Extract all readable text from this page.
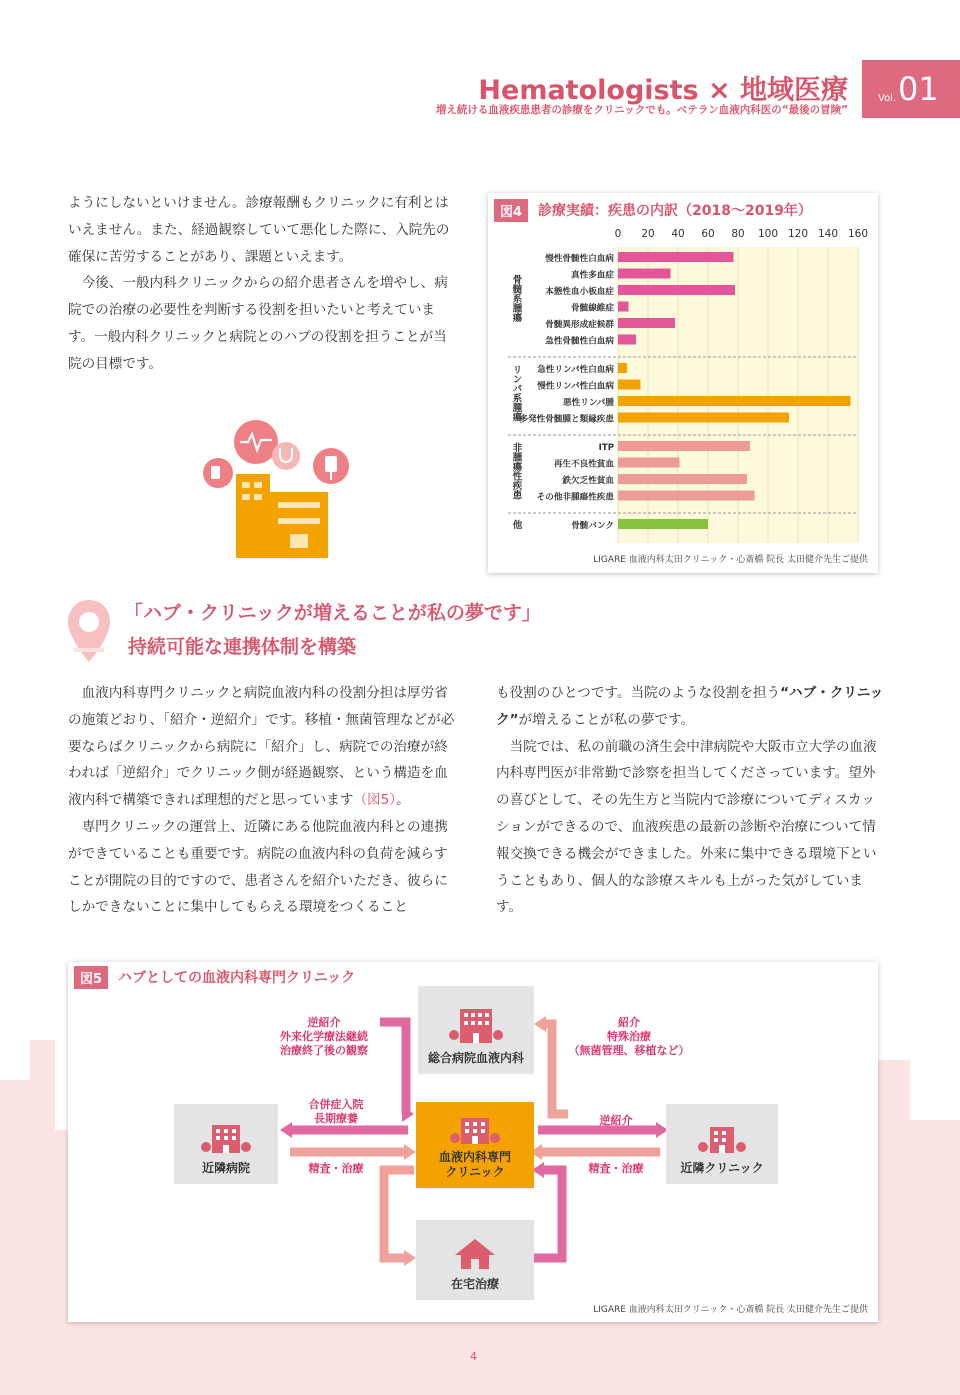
Hematologists × 地域医療
増え続ける血液疾患患者の診療をクリニックでも。ベテラン血液内科医の“最後の冒険”
Vol. 01

ようにしないといけません。診療報酬もクリニックに有利とはいえません。また、経過観察していて悪化した際に、入院先の確保に苦労することがあり、課題といえます。

今後、一般内科クリニックからの紹介患者さんを増やし、病院での治療の必要性を判断する役割を担いたいと考えています。一般内科クリニックと病院とのハブの役割を担うことが当院の目標です。

図4	診療実績：疾患の内訳（2018～2019年）
0 20 40 60 80 100 120 140 160
慢性骨髄性白血病
真性多血症
本態性血小板血症
骨髄線維症
骨髄異形成症候群
急性骨髄性白血病
骨髄系腫瘍
急性リンパ性白血病
慢性リンパ性白血病
悪性リンパ腫
多発性骨髄腫と類縁疾患
リンパ系腫瘍
ITP
再生不良性貧血
鉄欠乏性貧血
その他非腫瘍性疾患
非腫瘍性疾患
骨髄バンク
他
LIGARE 血液内科太田クリニック・心斎橋 院長 太田健介先生ご提供
「ハブ・クリニックが増えることが私の夢です」
持続可能な連携体制を構築

血液内科専門クリニックと病院血液内科の役割分担は厚労省の施策どおり、「紹介・逆紹介」です。移植・無菌管理などが必要ならばクリニックから病院に「紹介」し、病院での治療が終われば「逆紹介」でクリニック側が経過観察、という構造を血液内科で構築できれば理想的だと思っています（図5）。

専門クリニックの運営上、近隣にある他院血液内科との連携ができていることも重要です。病院の血液内科の負荷を減らすことが開院の目的ですので、患者さんを紹介いただき、彼らにしかできないことに集中してもらえる環境をつくること

も役割のひとつです。当院のような役割を担う“ハブ・クリニック”が増えることが私の夢です。

当院では、私の前職の済生会中津病院や大阪市立大学の血液内科専門医が非常勤で診察を担当してくださっています。望外の喜びとして、その先生方と当院内で診療についてディスカッションができるので、血液疾患の最新の診断や治療について情報交換できる機会ができました。外来に集中できる環境下ということもあり、個人的な診療スキルも上がった気がしています。

図5	ハブとしての血液内科専門クリニック
総合病院血液内科
近隣病院
血液内科専門
クリニック	近隣クリニック
在宅治療
逆紹介
外来化学療法継続
治療終了後の観察
紹介
特殊治療
（無菌管理、移植など）
合併症入院
長期療養
精査・治療
逆紹介
精査・治療
LIGARE 血液内科太田クリニック・心斎橋 院長 太田健介先生ご提供
4
